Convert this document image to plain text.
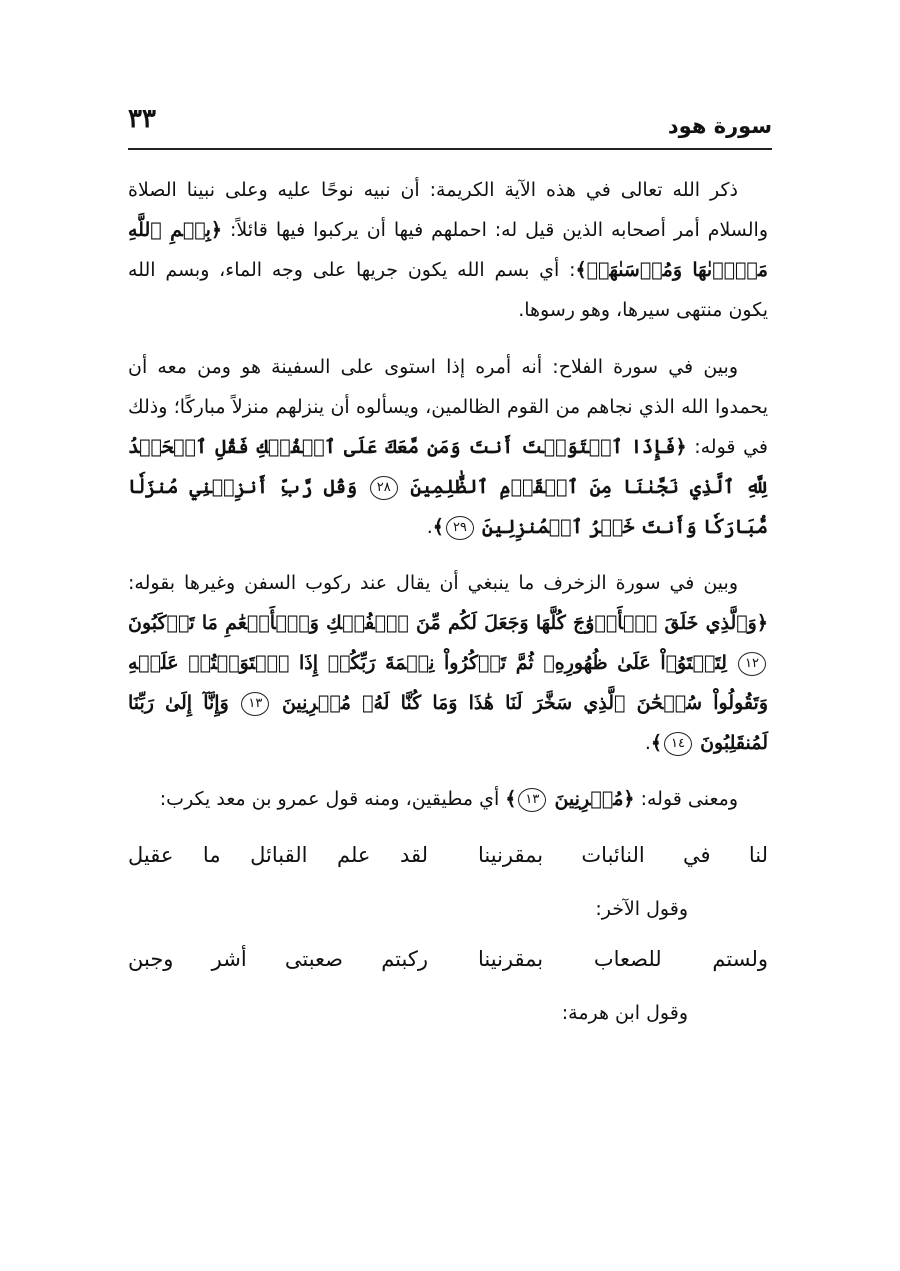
٣٣	سورة هود

ذكر الله تعالى في هذه الآية الكريمة: أن نبيه نوحًا عليه وعلى نبينا الصلاة والسلام أمر أصحابه الذين قيل له: احملهم فيها أن يركبوا فيها قائلاً: ﴿بِسۡمِ ٱللَّهِ مَجۡرٜىٰهَا وَمُرۡسَىٰهَآۚ﴾: أي بسم الله يكون جريها على وجه الماء، وبسم الله يكون منتهى سيرها، وهو رسوها.

وبين في سورة الفلاح: أنه أمره إذا استوى على السفينة هو ومن معه أن يحمدوا الله الذي نجاهم من القوم الظالمين، ويسألوه أن ينزلهم منزلاً مباركًا؛ وذلك في قوله: ﴿فَإِذَا ٱسۡتَوَيۡتَ أَنتَ وَمَن مَّعَكَ عَلَى ٱلۡفُلۡكِ فَقُلِ ٱلۡحَمۡدُ لِلَّهِ ٱلَّذِي نَجَّىٰنَا مِنَ ٱلۡقَوۡمِ ٱلظَّٰلِمِينَ ٢٨ وَقُل رَّبِّ أَنزِلۡنِي مُنزَلٗا مُّبَارَكٗا وَأَنتَ خَيۡرُ ٱلۡمُنزِلِينَ ٢٩﴾.

وبين في سورة الزخرف ما ينبغي أن يقال عند ركوب السفن وغيرها بقوله: ﴿وَٱلَّذِي خَلَقَ ٱلۡأَزۡوَٰجَ كُلَّهَا وَجَعَلَ لَكُم مِّنَ ٱلۡفُلۡكِ وَٱلۡأَنۡعَٰمِ مَا تَرۡكَبُونَ ١٢ لِتَسۡتَوُۥاْ عَلَىٰ ظُهُورِهِۦ ثُمَّ تَذۡكُرُواْ نِعۡمَةَ رَبِّكُمۡ إِذَا ٱسۡتَوَيۡتُمۡ عَلَيۡهِ وَتَقُولُواْ سُبۡحَٰنَ ٱلَّذِي سَخَّرَ لَنَا هَٰذَا وَمَا كُنَّا لَهُۥ مُقۡرِنِينَ ١٣ وَإِنَّآ إِلَىٰ رَبِّنَا لَمُنقَلِبُونَ ١٤﴾.

ومعنى قوله: ﴿مُقۡرِنِينَ ١٣﴾ أي مطيقين، ومنه قول عمرو بن معد يكرب:

لقد علم القبائل ما عقيل لنا في النائبات بمقرنينا

وقول الآخر:

ركبتم صعبتى أشر وجبن ولستم للصعاب بمقرنينا

وقول ابن هرمة:
